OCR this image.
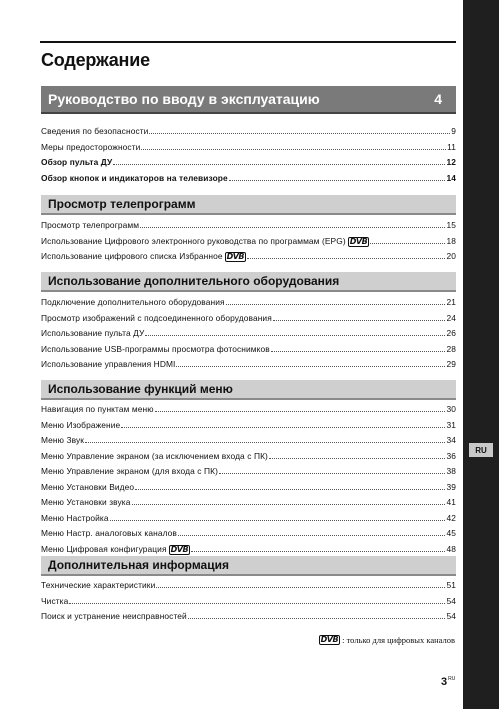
RU
Содержание
Руководство по вводу в эксплуатацию	4
Сведения по безопасности	9
Меры предосторожности	11
Обзор пульта ДУ	12
Обзор кнопок и индикаторов на телевизоре	14
Просмотр телепрограмм
Просмотр телепрограмм	15
Использование Цифрового электронного руководства по программам (EPG) DVB	18
Использование цифрового списка Избранное DVB	20
Использование дополнительного оборудования
Подключение дополнительного оборудования	21
Просмотр изображений с подсоединенного оборудования	24
Использование пульта ДУ	26
Использование USB-программы просмотра фотоснимков	28
Использование управления HDMI	29
Использование функций меню
Навигация по пунктам меню	30
Меню Изображение	31
Меню Звук	34
Меню Управление экраном (за исключением входа с ПК)	36
Меню Управление экраном (для входа с ПК)	38
Меню Установки Видео	39
Меню Установки звука	41
Меню Настройка	42
Меню Настр. аналоговых каналов	45
Меню Цифровая конфигурация DVB	48
Дополнительная информация
Технические характеристики	51
Чистка	54
Поиск и устранение неисправностей	54
DVB : только для цифровых каналов
$3^{RU}$
